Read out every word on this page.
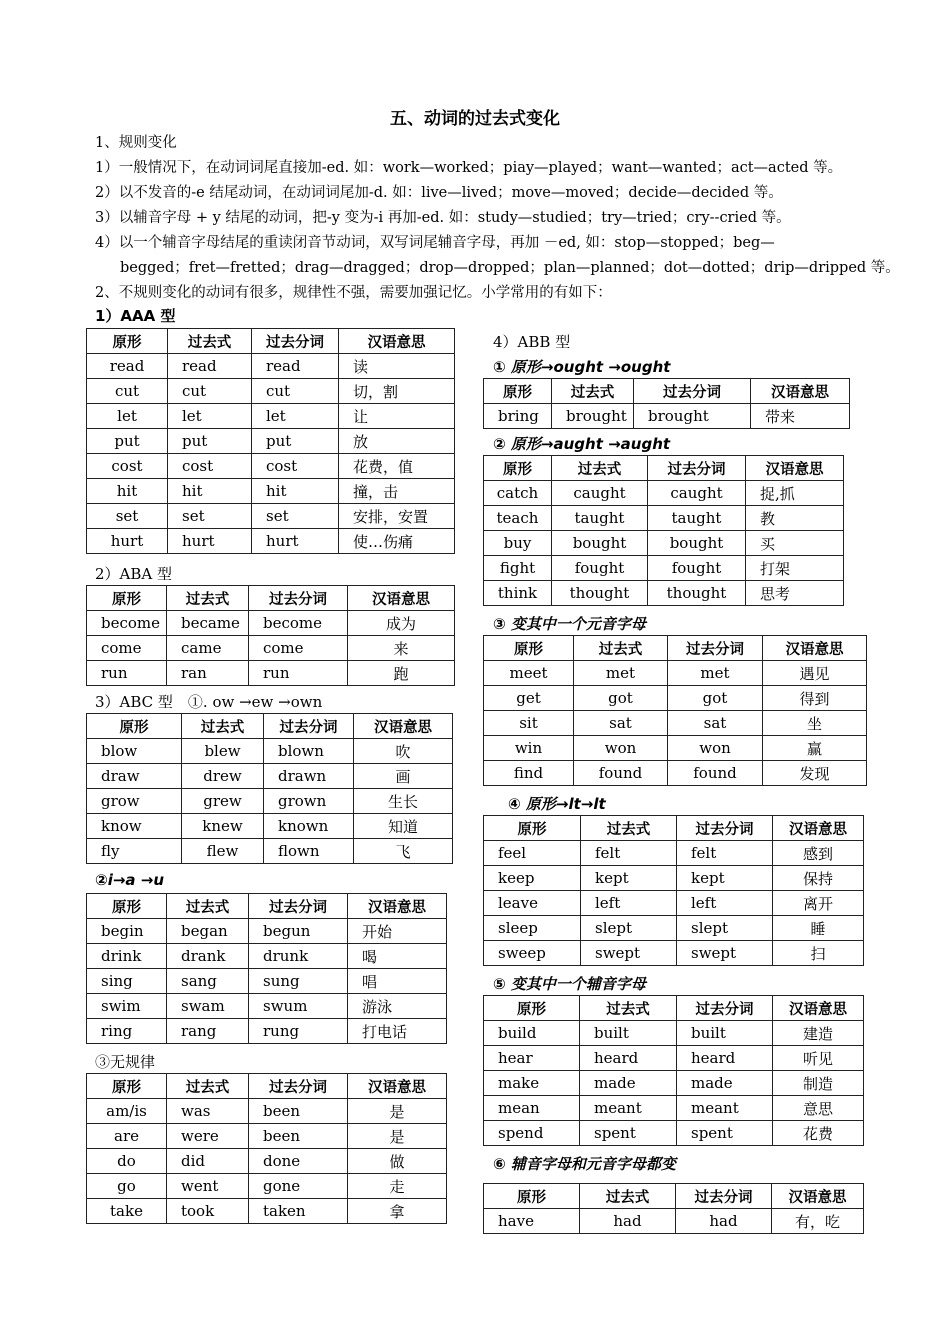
五、动词的过去式变化
1、规则变化
1）一般情况下，在动词词尾直接加-ed. 如：work—worked；piay—played；want—wanted；act—acted 等。
2）以不发音的-e 结尾动词，在动词词尾加-d. 如：live—lived；move—moved；decide—decided 等。
3）以辅音字母 + y 结尾的动词，把-y 变为-i 再加-ed. 如：study—studied；try—tried；cry--cried 等。
4）以一个辅音字母结尾的重读闭音节动词，双写词尾辅音字母，再加 －ed, 如：stop—stopped；beg—
begged；fret—fretted；drag—dragged；drop—dropped；plan—planned；dot—dotted；drip—dripped 等。
2、不规则变化的动词有很多，规律性不强，需要加强记忆。小学常用的有如下：
1）AAA 型
原形	过去式	过去分词	汉语意思
read	read	read	读
cut	cut	cut	切，割
let	let	let	让
put	put	put	放
cost	cost	cost	花费，值
hit	hit	hit	撞，击
set	set	set	安排，安置
hurt	hurt	hurt	使…伤痛
2）ABA 型
原形	过去式	过去分词	汉语意思
become	became	become	成为
come	came	come	来
run	ran	run	跑
3）ABC 型　①. ow →ew →own
原形	过去式	过去分词	汉语意思
blow	blew	blown	吹
draw	drew	drawn	画
grow	grew	grown	生长
know	knew	known	知道
fly	flew	flown	飞
②i→a →u
原形	过去式	过去分词	汉语意思
begin	began	begun	开始
drink	drank	drunk	喝
sing	sang	sung	唱
swim	swam	swum	游泳
ring	rang	rung	打电话
③无规律
原形	过去式	过去分词	汉语意思
am/is	was	been	是
are	were	been	是
do	did	done	做
go	went	gone	走
take	took	taken	拿
4）ABB 型
① 原形→ought →ought
原形	过去式	过去分词	汉语意思
bring	brought	brought	带来
② 原形→aught →aught
原形	过去式	过去分词	汉语意思
catch	caught	caught	捉,抓
teach	taught	taught	教
buy	bought	bought	买
fight	fought	fought	打架
think	thought	thought	思考
③ 变其中一个元音字母
原形	过去式	过去分词	汉语意思
meet	met	met	遇见
get	got	got	得到
sit	sat	sat	坐
win	won	won	赢
find	found	found	发现
④ 原形→lt→lt
原形	过去式	过去分词	汉语意思
feel	felt	felt	感到
keep	kept	kept	保持
leave	left	left	离开
sleep	slept	slept	睡
sweep	swept	swept	扫
⑤ 变其中一个辅音字母
原形	过去式	过去分词	汉语意思
build	built	built	建造
hear	heard	heard	听见
make	made	made	制造
mean	meant	meant	意思
spend	spent	spent	花费
⑥ 辅音字母和元音字母都变
原形	过去式	过去分词	汉语意思
have	had	had	有，吃
